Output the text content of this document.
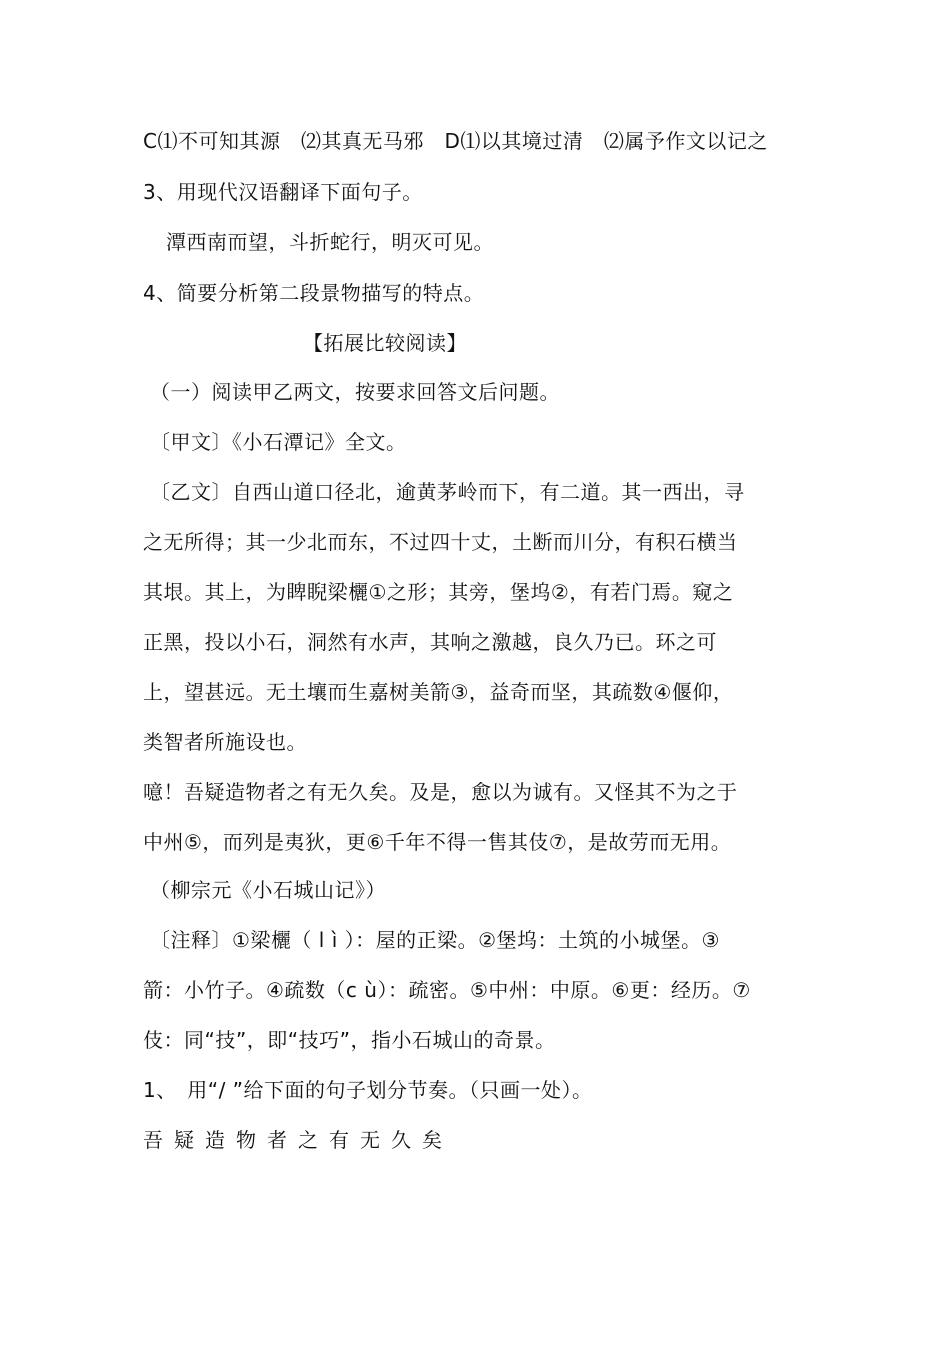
C⑴不可知其源　⑵其真无马邪　D⑴以其境过清　⑵属予作文以记之
3、用现代汉语翻译下面句子。
潭西南而望，斗折蛇行，明灭可见。
4、简要分析第二段景物描写的特点。
【拓展比较阅读】
（一）阅读甲乙两文，按要求回答文后问题。
〔甲文〕《小石潭记》全文。
〔乙文〕自西山道口径北，逾黄茅岭而下，有二道。其一西出，寻
之无所得；其一少北而东，不过四十丈，土断而川分，有积石横当
其垠。其上，为睥睨梁欐①之形；其旁，堡坞②，有若门焉。窥之
正黑，投以小石，洞然有水声，其响之激越，良久乃已。环之可
上，望甚远。无土壤而生嘉树美箭③，益奇而坚，其疏数④偃仰，
类智者所施设也。
噫！吾疑造物者之有无久矣。及是，愈以为诚有。又怪其不为之于
中州⑤，而列是夷狄，更⑥千年不得一售其伎⑦，是故劳而无用。
（柳宗元《小石城山记》）
〔注释〕①梁欐（ l ì ）：屋的正梁。②堡坞：土筑的小城堡。③
箭：小竹子。④疏数（c ù）：疏密。⑤中州：中原。⑥更：经历。⑦
伎：同“技”，即“技巧”，指小石城山的奇景。
1、　用“/ ”给下面的句子划分节奏。（只画一处）。
吾疑造物者之有无久矣
